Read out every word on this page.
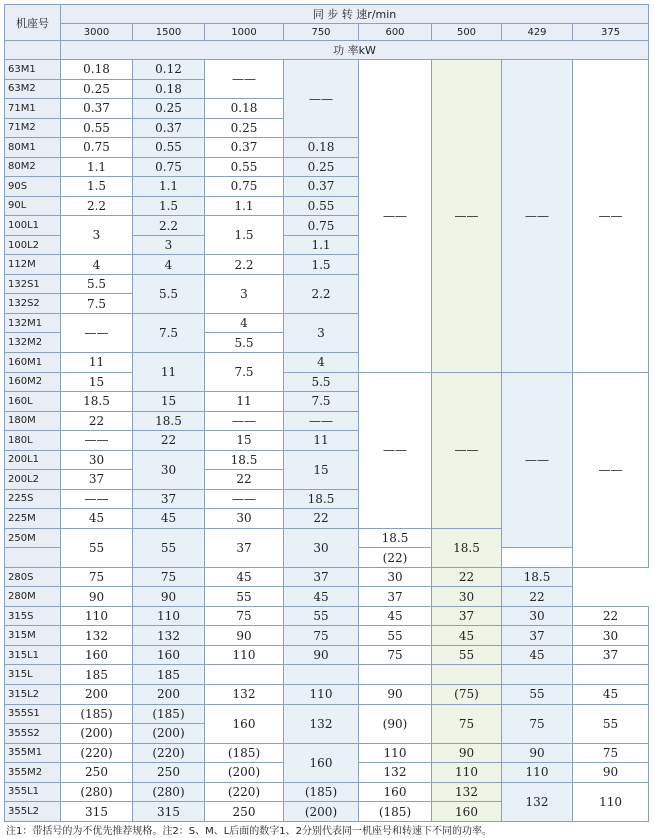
机座号	同 步 转 速r/min							
	3000	1500	1000	750	600	500	429	375
	功 率kW							
63M1	0.18	0.12	——	——	——	——	——	——
63M2	0.25	0.18						
71M1	0.37	0.25	0.18					
71M2	0.55	0.37	0.25					
80M1	0.75	0.55	0.37	0.18				
80M2	1.1	0.75	0.55	0.25				
90S	1.5	1.1	0.75	0.37				
90L	2.2	1.5	1.1	0.55				
100L1	3	2.2	1.5	0.75				
100L2		3		1.1				
112M	4	4	2.2	1.5				
132S1	5.5	5.5	3	2.2				
132S2	7.5							
132M1	——	7.5	4	3				
132M2			5.5					
160M1	11	11	7.5	4				
160M2	15			5.5	——	——	——	——
160L	18.5	15	11	7.5				
180M	22	18.5	——	——				
180L	——	22	15	11				
200L1	30	30	18.5	15				
200L2	37		22					
225S	——	37	——	18.5				
225M	45	45	30	22				
250M	55	55	37	30	18.5	18.5		
					(22)			
280S	75	75	45	37	30	22	18.5	
280M	90	90	55	45	37	30	22	
315S	110	110	75	55	45	37	30	22
315M	132	132	90	75	55	45	37	30
315L1	160	160	110	90	75	55	45	37
315L	185	185						
315L2	200	200	132	110	90	(75)	55	45
355S1	(185)	(185)	160	132	(90)	75	75	55
355S2	(200)	(200)						
355M1	(220)	(220)	(185)	160	110	90	90	75
355M2	250	250	(200)		132	110	110	90
355L1	(280)	(280)	(220)	(185)	160	132	132	110
355L2	315	315	250	(200)	(185)	160		
注1：带括号的为不优先推荐规格。注2：S、M、L后面的数字1、2分别代表同一机座号和转速下不同的功率。
